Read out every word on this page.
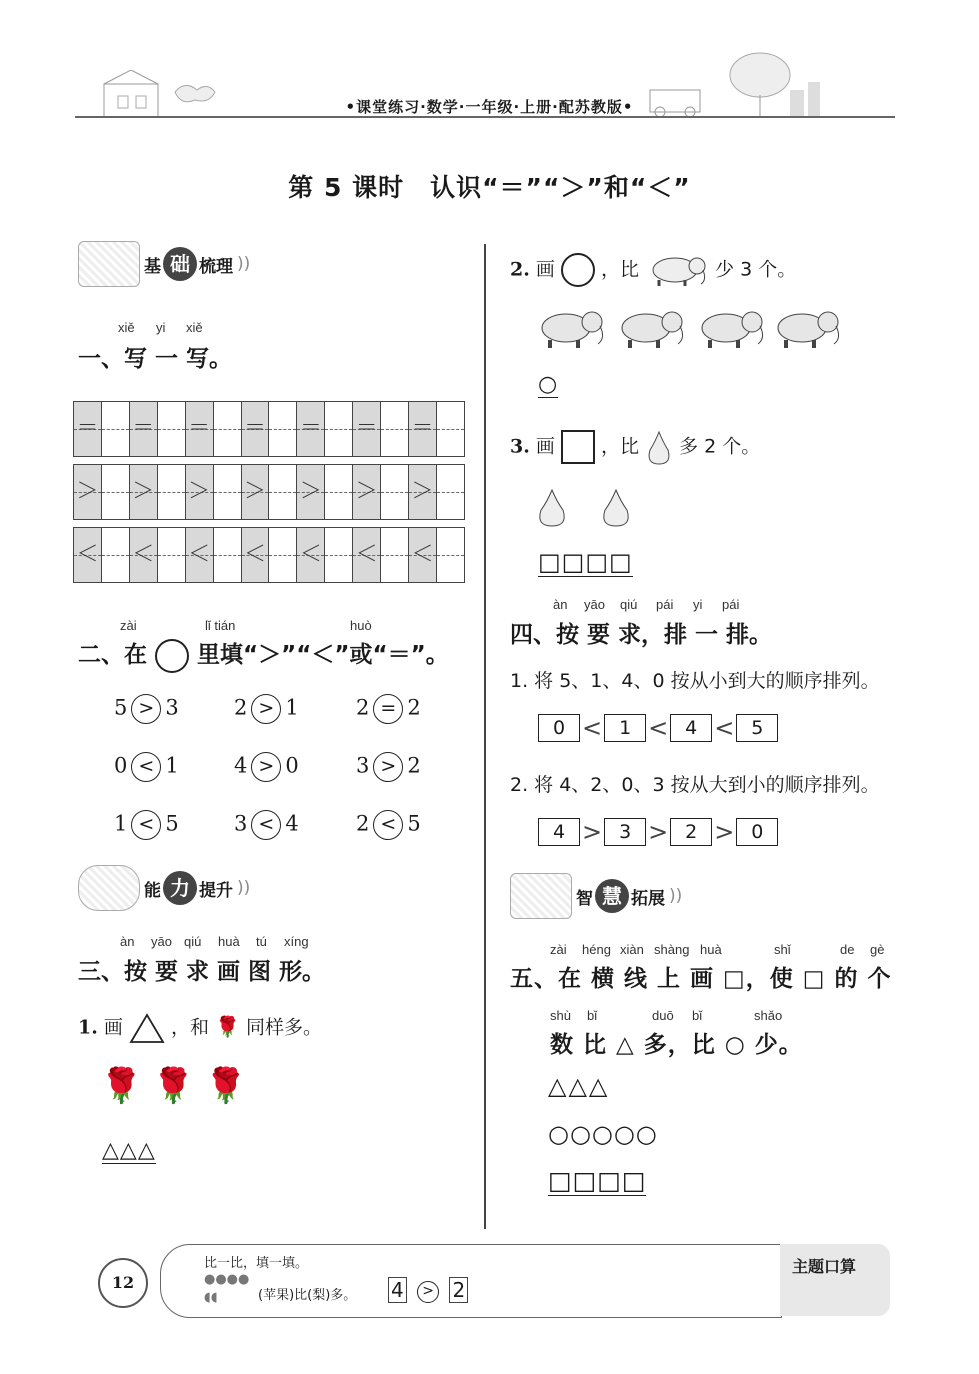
•课堂练习·数学·一年级·上册·配苏教版•
第 5 课时　认识“＝”“＞”和“＜”
基 础 梳理 ))
xiě yi xiě
一、写 一 写。
＝ ＝ ＝ ＝ ＝ ＝ ＝
＞ ＞ ＞ ＞ ＞ ＞ ＞
＜ ＜ ＜ ＜ ＜ ＜ ＜
zài	lǐ tián	huò
二、在 里填“＞”“＜”或“＝”。
5 > 3	2 > 1	2 = 2
0 < 1	4 > 0	3 > 2
1 < 5	3 < 4	2 < 5
能 力 提升 ))
àn yāo qiú huà tú xíng
三、按 要 求 画 图 形。
1. 画	，和 🌹 同样多。
🌹🌹🌹
△△△
2. 画 ，比	少 3 个。
○
3. 画 ，比 多 2 个。
□□□□
àn yāo qiú pái yi pái
四、按 要 求，排 一 排。
1. 将 5、1、4、0 按从小到大的顺序排列。
0 < 1 < 4 < 5
2. 将 4、2、0、3 按从大到小的顺序排列。
4 > 3 > 2 > 0
智 慧 拓展 ))
zài héng xiàn shàng huà	shǐ	de gè
五、在 横 线 上 画 □，使 □ 的 个
shù bǐ	duō bǐ	shǎo
数 比 △ 多，比 ○ 少。
△△△
○○○○○
□□□□
12
比一比，填一填。
●●●●
◖◖	(苹果)比(梨)多。 4 > 2
主题口算
